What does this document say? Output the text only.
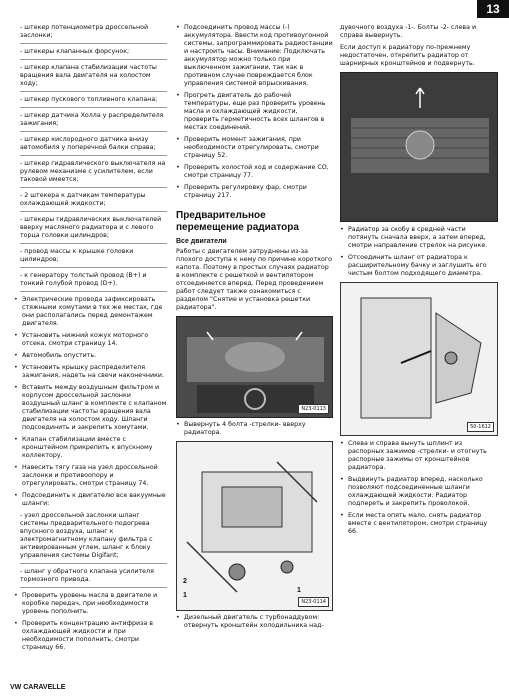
13
- штекер потенциометра дроссельной заслонки;
- штекеры клапанных форсунок;
- штекер клапана стабилизации частоты вращения вала двигателя на холостом ходу;
- штекер пускового топливного клапана;
- штекер датчика Холла у распределителя зажигания;
- штекер кислородного датчика внизу автомобиля у поперечной балки справа;
- штекер гидравлического выключателя на рулевом механизме с усилителем, если таковой имеется;
- 2 штекера к датчикам температуры охлаждающей жидкости;
- штекеры гидравлических выключателей вверху масляного радиатора и с левого торца головки цилиндров;
- провод массы к крышке головки цилиндров;
- к генератору толстый провод (В+) и тонкий голубой провод (D+).
• Электрические провода зафиксировать стяжными хомутами в тех же местах, где они располагались перед демонтажем двигателя.
• Установить нижний кожух моторного отсека, смотри страницу 14.
• Автомобиль опустить.
• Установить крышку распределителя зажигания, надеть на свечи наконечники.
• Вставить между воздушным фильтром и корпусом дроссельной заслонки воздушный шланг в комплекте с клапаном стабилизации частоты вращения вала двигателя на холостом ходу. Шланги подсоединить и закрепить хомутами.
• Клапан стабилизации вместе с кронштейном прикрепить к впускному коллектору.
• Навесить тягу газа на узел дроссельной заслонки и противоопору и отрегулировать, смотри страницу 74.
• Подсоединить к двигателю все вакуумные шланги:
- узел дроссельной заслонки шланг системы предварительного подогрева впускного воздуха, шланг к электромагнитному клапану фильтра с активированным углем, шланг к блоку управления системы Digifant;
- шланг у обратного клапана усилителя тормозного привода.
• Проверить уровень масла в двигателе и коробке передач, при необходимости уровень пополнить.
• Проверить концентрацию антифриза в охлаждающей жидкости и при необходимости пополнить, смотри страницу 66.
• Подсоединить провод массы (-) аккумулятора. Ввести код противоугонной системы, запрограммировать радиостанции и настроить часы. Внимание: Подключать аккумулятор можно только при выключенном зажигании, так как в противном случае повреждается блок управления системой впрыскивания.
• Прогреть двигатель до рабочей температуры, еще раз проверить уровень масла и охлаждающей жидкости, проверить герметичность всех шлангов в местах соединений.
• Проверить момент зажигания, при необходимости отрегулировать, смотри страницу 52.
• Проверить холостой ход и содержание СО, смотри страницу 77.
• Проверить регулировку фар, смотри страницу 217.
Предварительное перемещение радиатора
Все двигатели

Работы с двигателем затруднены из-за плохого доступа к нему по причине короткого капота. Поэтому в простых случаях радиатор в комплекте с решеткой и вентилятором отсоединяется вперед. Перед проведением работ следует также ознакомиться с разделом "Снятие и установка решетки радиатора".

N23-0113
• Вывернуть 4 болта -стрелки- вверху радиатора.
2
1
1
N23-0114
• Дизельный двигатель с турбонаддувом: отвернуть кронштейн холодильника над-

дувочного воздуха -1-. Болты -2- слева и справа вывернуть.

Если доступ к радиатору по-прежнему недостаточен, открепить радиатор от шарнирных кронштейнов и подвернуть.

• Радиатор за скобу в средней части потянуть сначала вверх, а затем вперед, смотри направление стрелок на рисунке.
• Отсоединить шланг от радиатора к расширительному бачку и заглушить его чистым болтом подходящего диаметра.
50-1612
• Слева и справа вынуть шплинт из распорных зажимов -стрелки- и отогнуть распорные зажимы от кронштейнов радиатора.
• Выдвинуть радиатор вперед, насколько позволяют подсоединенные шланги охлаждающей жидкости. Радиатор подпереть и закрепить проволокой.
• Если места опять мало, снять радиатор вместе с вентилятором, смотри страницу 66.
VW CARAVELLE
